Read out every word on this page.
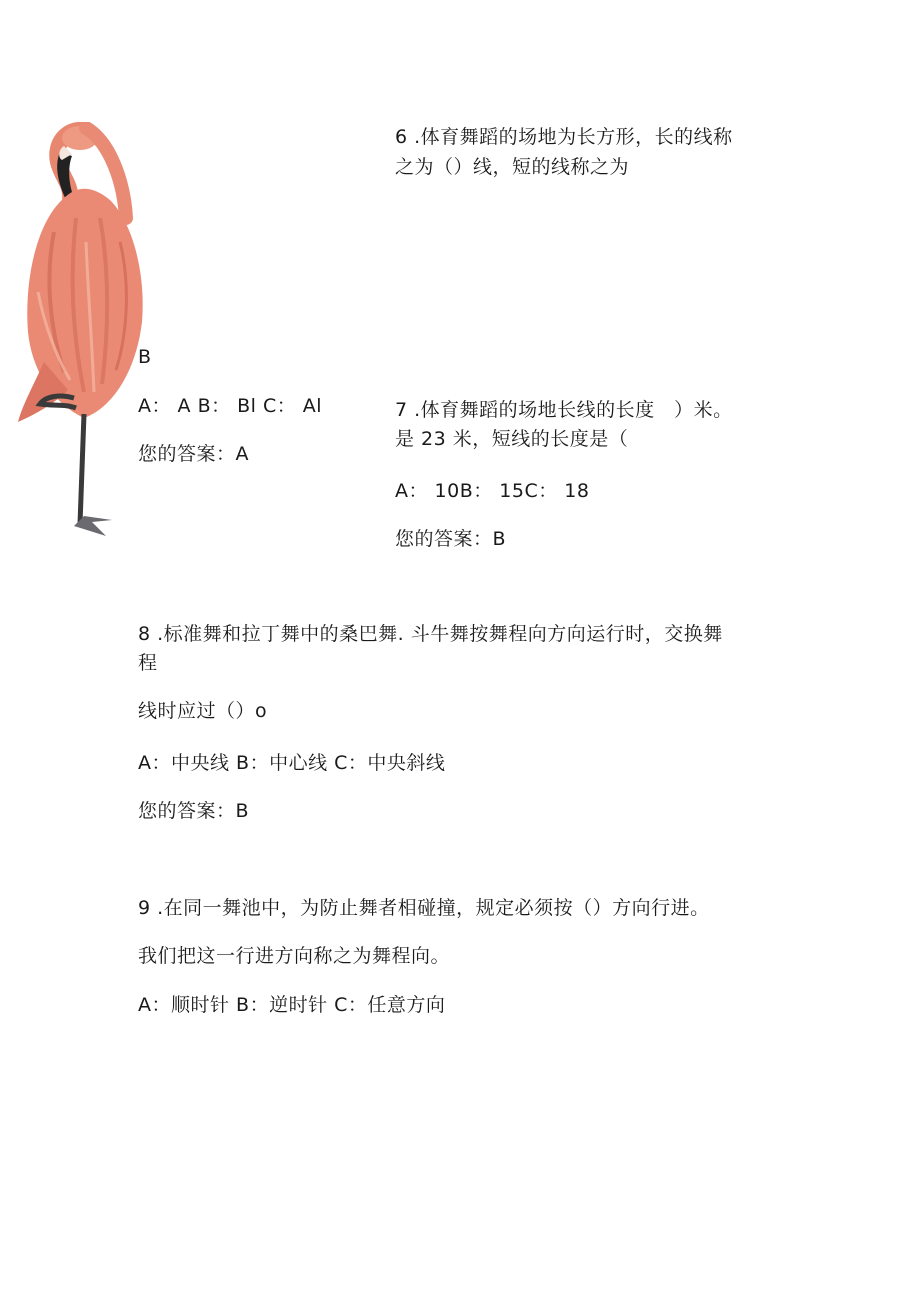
B
6 .体育舞蹈的场地为长方形，长的线称
之为（）线，短的线称之为
A： A B： Bl C： Al
您的答案：A
7 .体育舞蹈的场地长线的长度　）米。
是 23 米，短线的长度是（
A： 10B： 15C： 18
您的答案：B
8 .标准舞和拉丁舞中的桑巴舞. 斗牛舞按舞程向方向运行时，交换舞
程
线时应过（）o
A：中央线 B：中心线 C：中央斜线
您的答案：B
9 .在同一舞池中，为防止舞者相碰撞，规定必须按（）方向行进。
我们把这一行进方向称之为舞程向。
A：顺时针 B：逆时针 C：任意方向
